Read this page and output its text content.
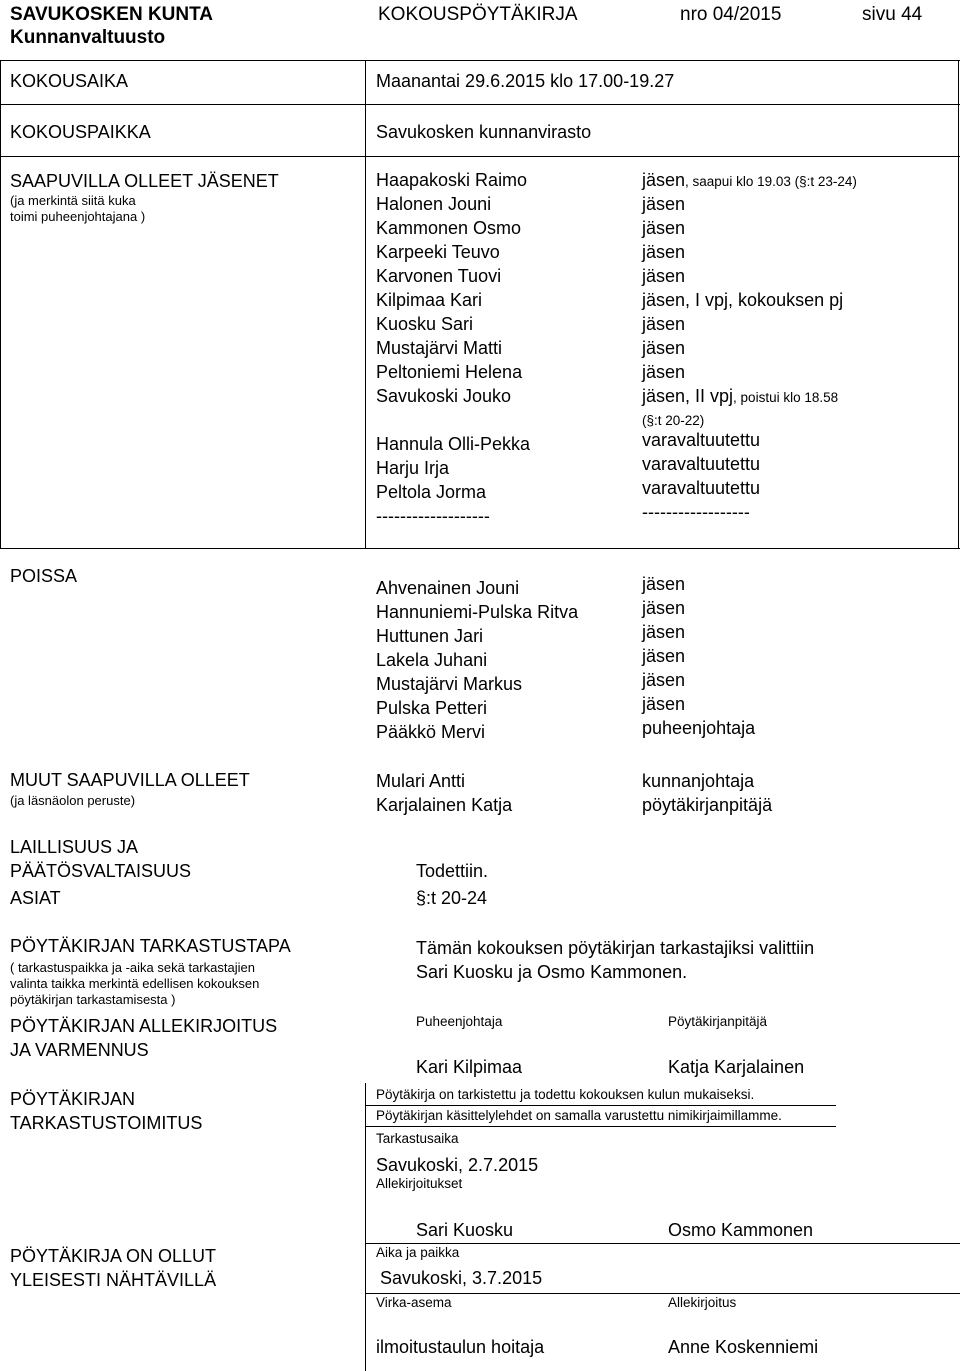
SAVUKOSKEN KUNTA
Kunnanvaltuusto
KOKOUSPÖYTÄKIRJA	nro 04/2015	sivu 44
KOKOUSAIKA	Maanantai 29.6.2015 klo 17.00-19.27
KOKOUSPAIKKA	Savukosken kunnanvirasto
SAAPUVILLA OLLEET JÄSENET
(ja merkintä siitä kuka
toimi puheenjohtajana )
Haapakoski Raimo	jäsen, saapui klo 19.03 (§:t 23-24)
Halonen Jouni	jäsen
Kammonen Osmo	jäsen
Karpeeki Teuvo	jäsen
Karvonen Tuovi	jäsen
Kilpimaa Kari	jäsen, I vpj, kokouksen pj
Kuosku Sari	jäsen
Mustajärvi Matti	jäsen
Peltoniemi Helena	jäsen
Savukoski Jouko	jäsen, II vpj, poistui klo 18.58
(§:t 20-22)
Hannula Olli-Pekka	varavaltuutettu
Harju Irja	varavaltuutettu
Peltola Jorma	varavaltuutettu
-------------------	------------------
POISSA
Ahvenainen Jouni	jäsen
Hannuniemi-Pulska Ritva	jäsen
Huttunen Jari	jäsen
Lakela Juhani	jäsen
Mustajärvi Markus	jäsen
Pulska Petteri	jäsen
Pääkkö Mervi	puheenjohtaja
MUUT SAAPUVILLA OLLEET
(ja läsnäolon peruste)
Mulari Antti	kunnanjohtaja
Karjalainen Katja	pöytäkirjanpitäjä
LAILLISUUS JA
PÄÄTÖSVALTAISUUS	Todettiin.
ASIAT	§:t 20-24
PÖYTÄKIRJAN TARKASTUSTAPA
( tarkastuspaikka ja -aika sekä tarkastajien
valinta taikka merkintä edellisen kokouksen
pöytäkirjan tarkastamisesta )
Tämän kokouksen pöytäkirjan tarkastajiksi valittiin
Sari Kuosku ja Osmo Kammonen.
PÖYTÄKIRJAN ALLEKIRJOITUS
JA VARMENNUS
Puheenjohtaja	Pöytäkirjanpitäjä
Kari Kilpimaa	Katja Karjalainen
PÖYTÄKIRJAN
TARKASTUSTOIMITUS
Pöytäkirja on tarkistettu ja todettu kokouksen kulun mukaiseksi.
Pöytäkirjan käsittelylehdet on samalla varustettu nimikirjaimillamme.
Tarkastusaika
Savukoski, 2.7.2015
Allekirjoitukset
Sari Kuosku	Osmo Kammonen
PÖYTÄKIRJA ON OLLUT
YLEISESTI NÄHTÄVILLÄ
Aika ja paikka
Savukoski, 3.7.2015
Virka-asema	Allekirjoitus
ilmoitustaulun hoitaja	Anne Koskenniemi
